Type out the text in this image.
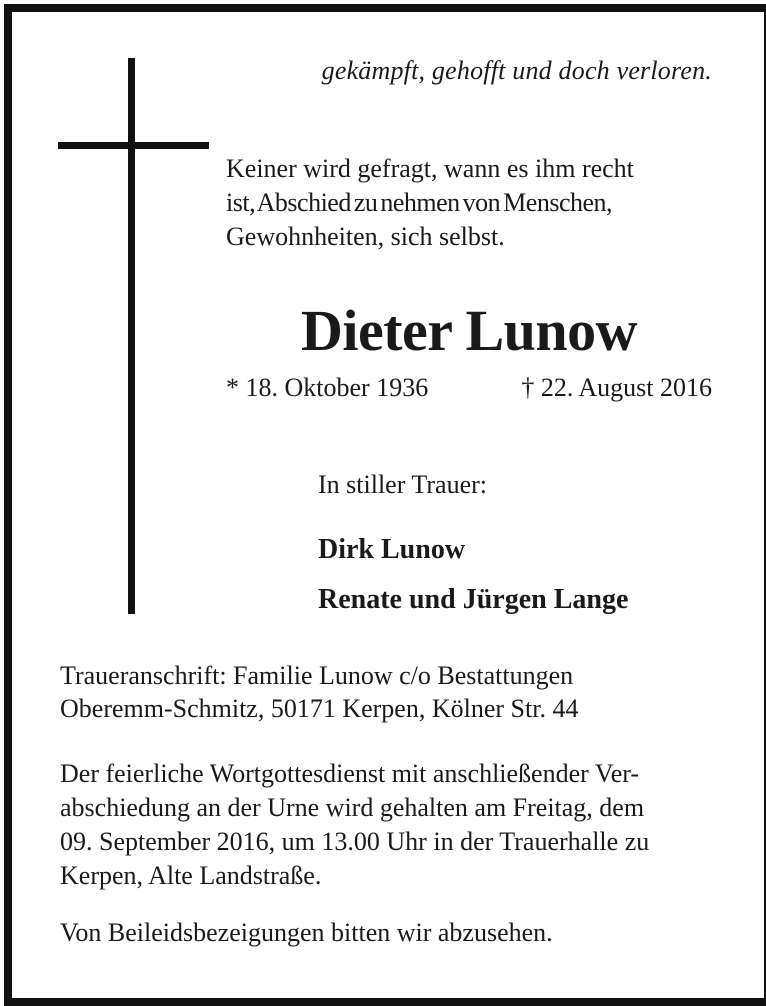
gekämpft, gehofft und doch verloren.
Keiner wird gefragt, wann es ihm recht
ist, Abschied zu nehmen von Menschen,
Gewohnheiten, sich selbst.
Dieter Lunow
* 18. Oktober 1936	† 22. August 2016
In stiller Trauer:
Dirk Lunow
Renate und Jürgen Lange
Traueranschrift: Familie Lunow c/o Bestattungen
Oberemm-Schmitz, 50171 Kerpen, Kölner Str. 44
Der feierliche Wortgottesdienst mit anschließender Ver-
abschiedung an der Urne wird gehalten am Freitag, dem
09. September 2016, um 13.00 Uhr in der Trauerhalle zu
Kerpen, Alte Landstraße.
Von Beileidsbezeigungen bitten wir abzusehen.
